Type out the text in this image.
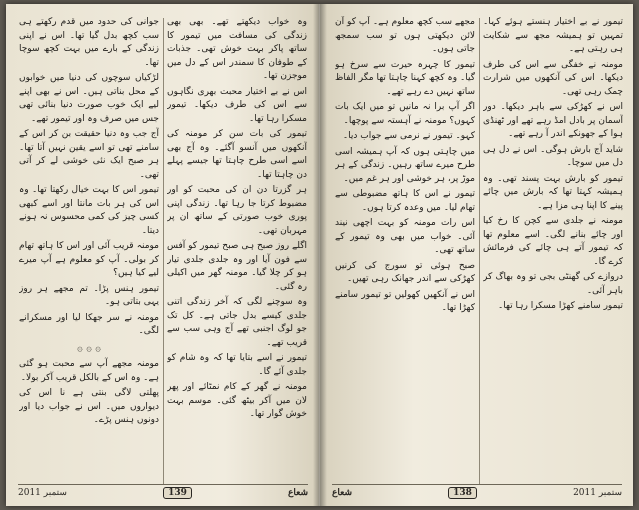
وہ خواب دیکھتے تھے۔ بھی بھی زندگی کی مسافت میں تیمور کا ساتھ پاکر بہت خوش تھی۔ جذبات کے طوفان کا سمندر اس کے دل میں موجزن تھا۔

اس نے بے اختیار محبت بھری نگاہوں سے اس کی طرف دیکھا۔ تیمور مسکرا رہا تھا۔

تیمور کی بات سن کر مومنہ کی آنکھوں میں آنسو آگئے۔ وہ آج بھی اسے اسی طرح چاہتا تھا جیسے پہلے دن چاہتا تھا۔

ہر گزرتا دن ان کی محبت کو اور مضبوط کرتا جا رہا تھا۔ زندگی اپنی پوری خوب صورتی کے ساتھ ان پر مہربان تھی۔

اگلے روز صبح ہی صبح تیمور کو آفس سے فون آیا اور وہ جلدی جلدی تیار ہو کر چلا گیا۔ مومنہ گھر میں اکیلی رہ گئی۔

وہ سوچنے لگی کہ آخر زندگی اتنی جلدی کیسے بدل جاتی ہے۔ کل تک جو لوگ اجنبی تھے آج وہی سب سے قریب تھے۔

تیمور نے اسے بتایا تھا کہ وہ شام کو جلدی آئے گا۔

مومنہ نے گھر کے کام نمٹائے اور پھر لان میں آکر بیٹھ گئی۔ موسم بہت خوش گوار تھا۔

جوانی کی حدود میں قدم رکھتے ہی سب کچھ بدل گیا تھا۔ اس نے اپنی زندگی کے بارے میں بہت کچھ سوچا تھا۔

لڑکیاں سوچوں کی دنیا میں خوابوں کے محل بناتی ہیں۔ اس نے بھی اپنے لیے ایک خوب صورت دنیا بنائی تھی جس میں صرف وہ اور تیمور تھے۔

آج جب وہ دنیا حقیقت بن کر اس کے سامنے تھی تو اسے یقین نہیں آتا تھا۔ ہر صبح ایک نئی خوشی لے کر آتی تھی۔

تیمور اس کا بہت خیال رکھتا تھا۔ وہ اس کی ہر بات مانتا اور اسے کبھی کسی چیز کی کمی محسوس نہ ہونے دیتا۔

مومنہ قریب آئی اور اس کا ہاتھ تھام کر بولی۔ آپ کو معلوم ہے آپ میرے لیے کیا ہیں؟

تیمور ہنس پڑا۔ تم مجھے ہر روز یہی بتاتی ہو۔

مومنہ نے سر جھکا لیا اور مسکرانے لگی۔

۞ ۞ ۞

مومنہ مجھے آپ سے محبت ہو گئی ہے۔ وہ اس کے بالکل قریب آکر بولا۔

پھلتی لاگی بنتی ہے نا اس کی دیواروں میں۔ اس نے جواب دیا اور دونوں ہنس پڑے۔

2011 ستمبر	139	شعاع

تیمور نے بے اختیار ہنستے ہوئے کہا۔ تمہیں تو ہمیشہ مجھ سے شکایت ہی رہتی ہے۔

مومنہ نے خفگی سے اس کی طرف دیکھا۔ اس کی آنکھوں میں شرارت چمک رہی تھی۔

اس نے کھڑکی سے باہر دیکھا۔ دور آسمان پر بادل امڈ رہے تھے اور ٹھنڈی ہوا کے جھونکے اندر آ رہے تھے۔

شاید آج بارش ہوگی۔ اس نے دل ہی دل میں سوچا۔

تیمور کو بارش بہت پسند تھی۔ وہ ہمیشہ کہتا تھا کہ بارش میں چائے پینے کا اپنا ہی مزا ہے۔

مومنہ نے جلدی سے کچن کا رخ کیا اور چائے بنانے لگی۔ اسے معلوم تھا کہ تیمور آتے ہی چائے کی فرمائش کرے گا۔

دروازے کی گھنٹی بجی تو وہ بھاگ کر باہر آئی۔

تیمور سامنے کھڑا مسکرا رہا تھا۔

مجھے سب کچھ معلوم ہے۔ آپ کو آن لائن دیکھتی ہوں تو سب سمجھ جاتی ہوں۔

تیمور کا چہرہ حیرت سے سرخ ہو گیا۔ وہ کچھ کہنا چاہتا تھا مگر الفاظ ساتھ نہیں دے رہے تھے۔

اگر آپ برا نہ مانیں تو میں ایک بات کہوں؟ مومنہ نے آہستہ سے پوچھا۔

کہو۔ تیمور نے نرمی سے جواب دیا۔

میں چاہتی ہوں کہ آپ ہمیشہ اسی طرح میرے ساتھ رہیں۔ زندگی کے ہر موڑ پر، ہر خوشی اور ہر غم میں۔

تیمور نے اس کا ہاتھ مضبوطی سے تھام لیا۔ میں وعدہ کرتا ہوں۔

اس رات مومنہ کو بہت اچھی نیند آئی۔ خواب میں بھی وہ تیمور کے ساتھ تھی۔

صبح ہوئی تو سورج کی کرنیں کھڑکی سے اندر جھانک رہی تھیں۔

اس نے آنکھیں کھولیں تو تیمور سامنے کھڑا تھا۔

شعاع	138	2011 ستمبر
